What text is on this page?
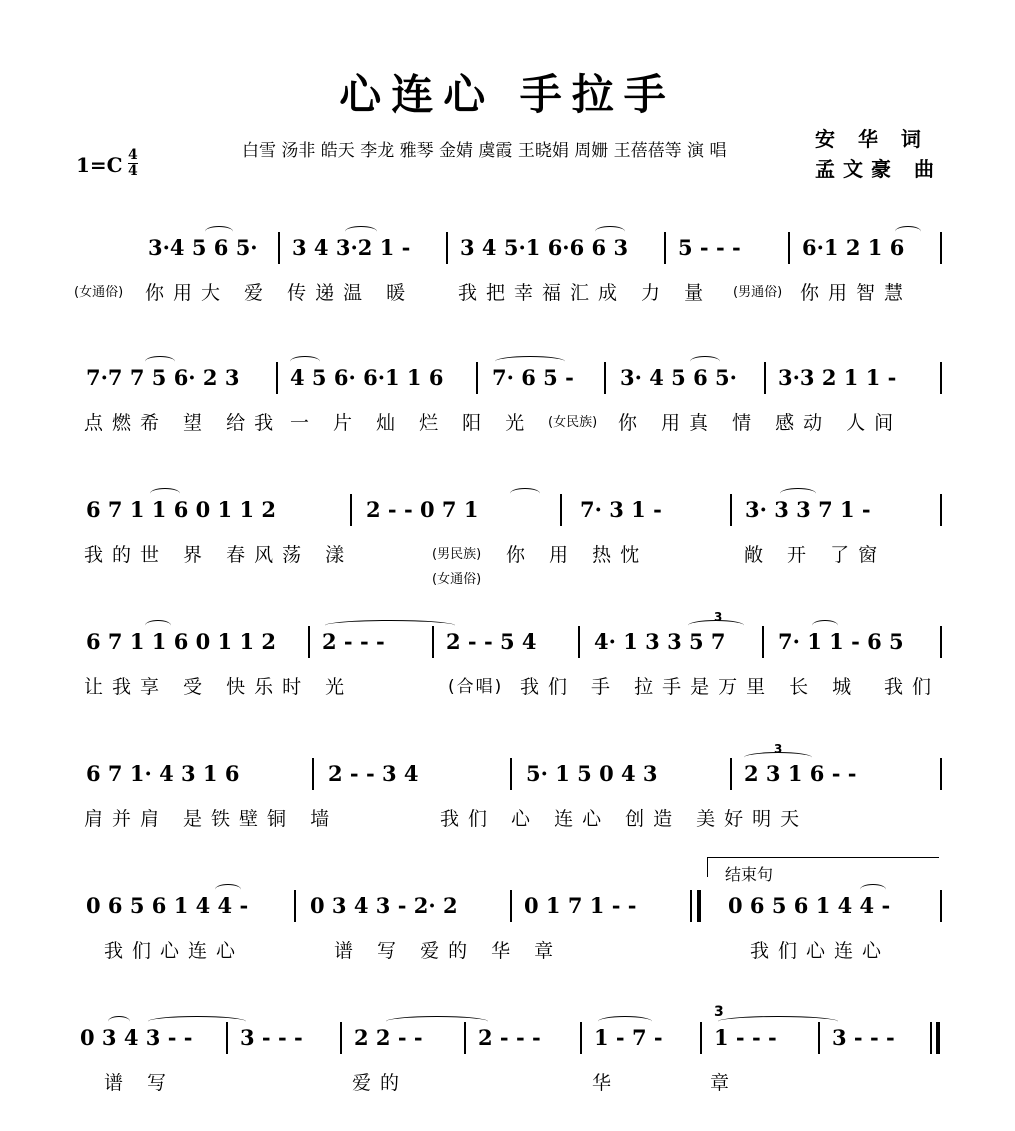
心连心 手拉手
1=C 4
4
白雪 汤非 皓天 李龙 雅琴 金婧 虞霞 王晓娟 周姗 王蓓蓓等 演 唱	安 华 词
孟文豪 曲
3·4 5 6 5· 3 4 3·2 1 - 3 4 5·1 6·6 6 3 5 - - -	6·1 2 1 6
(女通俗) 你用大 爱 传递温 暖 我把幸福汇成 力 量 (男通俗) 你用智慧
7·7 7 5 6· 2 3 4 5 6· 6·1 1 6 7· 6 5 - 3· 4 5 6 5· 3·3 2 1 1 -
点燃希 望 给我 一 片 灿 烂 阳 光 (女民族) 你 用真 情 感动 人间
6 7 1 1 6 0 1 1 2	2 - - 0 7 1	7· 3 1 -	3· 3 3 7 1 -
我的世 界 春风荡 漾	(男民族) 你 用 热忱	敞 开 了窗
(女通俗)
6 7 1 1 6 0 1 1 2 2 - - -	2 - - 5 4	4· 1 3 3 5 7 7· 1 1 - 6 5
3
让我享 受 快乐时 光	(合唱) 我们 手 拉手是万里 长 城 我们
6 7 1· 4 3 1 6	2 - - 3 4	5· 1 5 0 4 3	2 3 1 6 - -
3
肩并肩 是铁壁铜 墙	我们 心 连心 创造 美好明天
结束句
0 6 5 6 1 4 4 -	0 3 4 3 - 2· 2	0 1 7 1 - -	0 6 5 6 1 4 4 -
我们心连心	谱 写 爱的 华 章	我们心连心
0 3 4 3 - - 3 - - - 2 2 - -	2 - - -	1 - 7 - 1 - - -	3 - - -
3
谱 写	爱的	华	章
